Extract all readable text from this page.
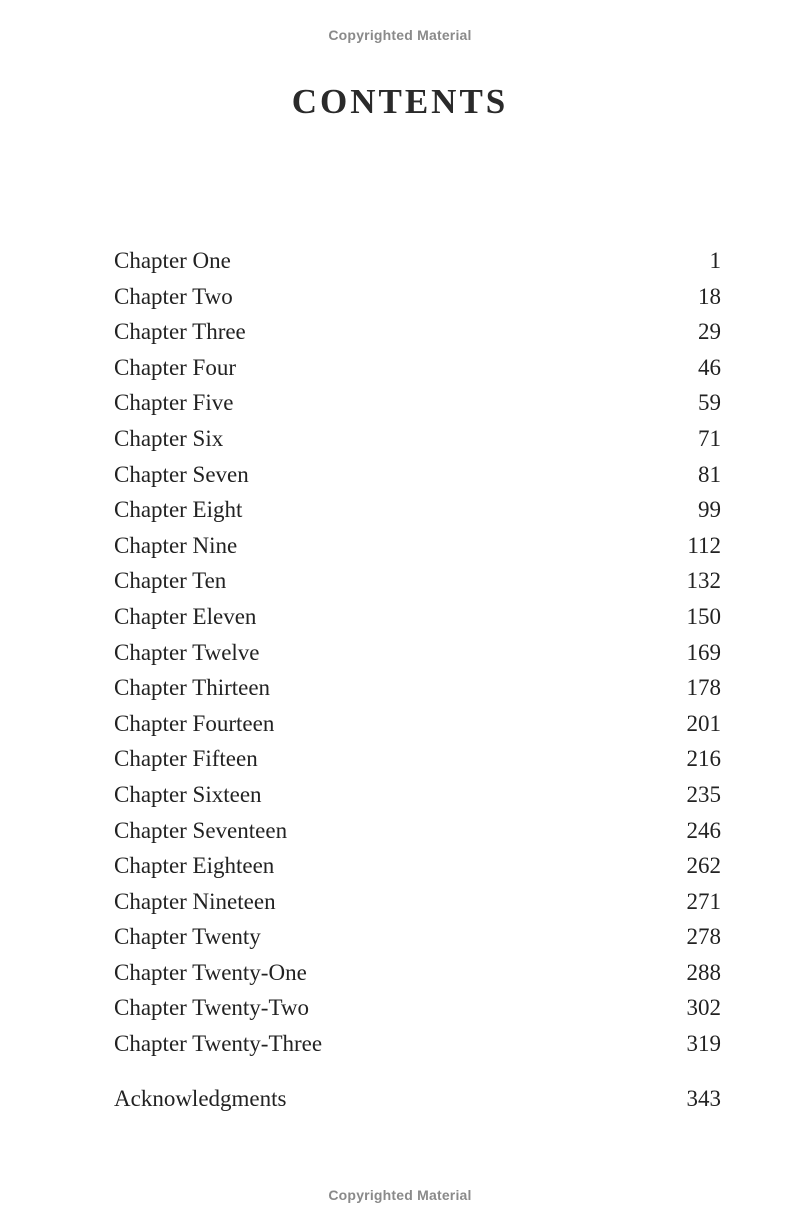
Copyrighted Material
CONTENTS
Chapter One	1
Chapter Two	18
Chapter Three	29
Chapter Four	46
Chapter Five	59
Chapter Six	71
Chapter Seven	81
Chapter Eight	99
Chapter Nine	112
Chapter Ten	132
Chapter Eleven	150
Chapter Twelve	169
Chapter Thirteen	178
Chapter Fourteen	201
Chapter Fifteen	216
Chapter Sixteen	235
Chapter Seventeen	246
Chapter Eighteen	262
Chapter Nineteen	271
Chapter Twenty	278
Chapter Twenty-One	288
Chapter Twenty-Two	302
Chapter Twenty-Three	319
Acknowledgments	343
Copyrighted Material
